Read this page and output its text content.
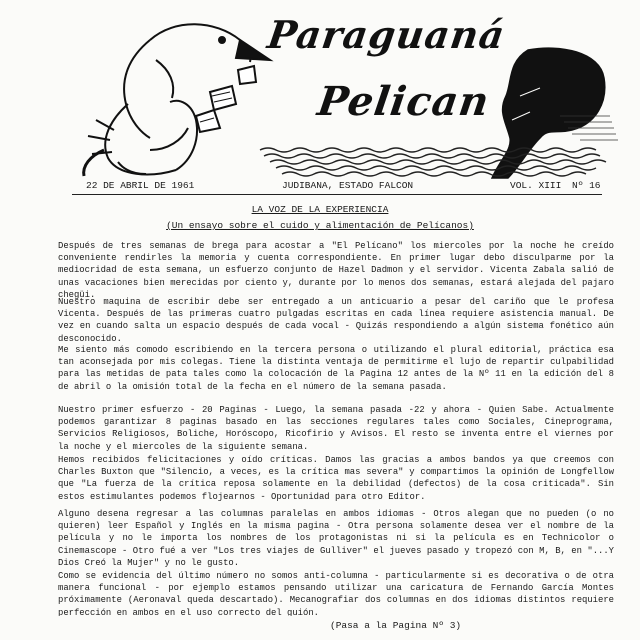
Paraguaná
Pelican
22 DE ABRIL DE 1961	JUDIBANA, ESTADO FALCON	VOL. XIII Nº 16
LA VOZ DE LA EXPERIENCIA
(Un ensayo sobre el cuido y alimentación de Pelícanos)

Después de tres semanas de brega para acostar a "El Pelícano" los miercoles por la noche he creído conveniente rendirles la memoria y cuenta correspondiente. En primer lugar debo disculparme por la mediocridad de esta semana, un esfuerzo conjunto de Hazel Dadmon y el servidor. Vicenta Zabala salió de unas vacaciones bien merecidas por ciento y, durante por lo menos dos semanas, estará alejada del pajaro chegüi.

Nuestro maquina de escribir debe ser entregado a un anticuario a pesar del cariño que le profesa Vicenta. Después de las primeras cuatro pulgadas escritas en cada línea requiere asistencia manual. De vez en cuando salta un espacio después de cada vocal - Quizás respondiendo a algún sistema fonético aún desconocido.

Me siento más comodo escribiendo en la tercera persona o utilizando el plural editorial, práctica esa tan aconsejada por mis colegas. Tiene la distinta ventaja de permitirme el lujo de repartir culpabilidad para las metidas de pata tales como la colocación de la Pagina 12 antes de la Nº 11 en la edición del 8 de abril o la omisión total de la fecha en el número de la semana pasada.

Nuestro primer esfuerzo - 20 Paginas - Luego, la semana pasada -22 y ahora - Quien Sabe. Actualmente podemos garantizar 8 paginas basado en las secciones regulares tales como Sociales, Cineprograma, Servicios Religiosos, Boliche, Horóscopo, Ricofirio y Avisos. El resto se inventa entre el viernes por la noche y el miercoles de la siguiente semana.

Hemos recibidos felicitaciones y oído críticas. Damos las gracias a ambos bandos ya que creemos con Charles Buxton que "Silencio, a veces, es la crítica mas severa" y compartimos la opinión de Longfellow que "La fuerza de la crítica reposa solamente en la debilidad (defectos) de la cosa criticada". Sin estos estimulantes podemos flojearnos - Oportunidad para otro Editor.

Alguno desena regresar a las columnas paralelas en ambos idiomas - Otros alegan que no pueden (o no quieren) leer Español y Inglés en la misma pagina - Otra persona solamente desea ver el nombre de la película y no le importa los nombres de los protagonistas ni si la película es en Technicolor o Cinemascope - Otro fué a ver "Los tres viajes de Gulliver" el jueves pasado y tropezó con M, B, en "...Y Dios Creó la Mujer" y no le gusto.

Como se evidencia del último número no somos anti-columna - particularmente si es decorativa o de otra manera funcional - por ejemplo estamos pensando utilizar una caricatura de Fernando García Montes próximamente (Aeronaval queda descartado). Mecanografiar dos columnas en dos idiomas distintos requiere perfección en ambos en el uso correcto del guión.

(Pasa a la Pagina Nº 3)
